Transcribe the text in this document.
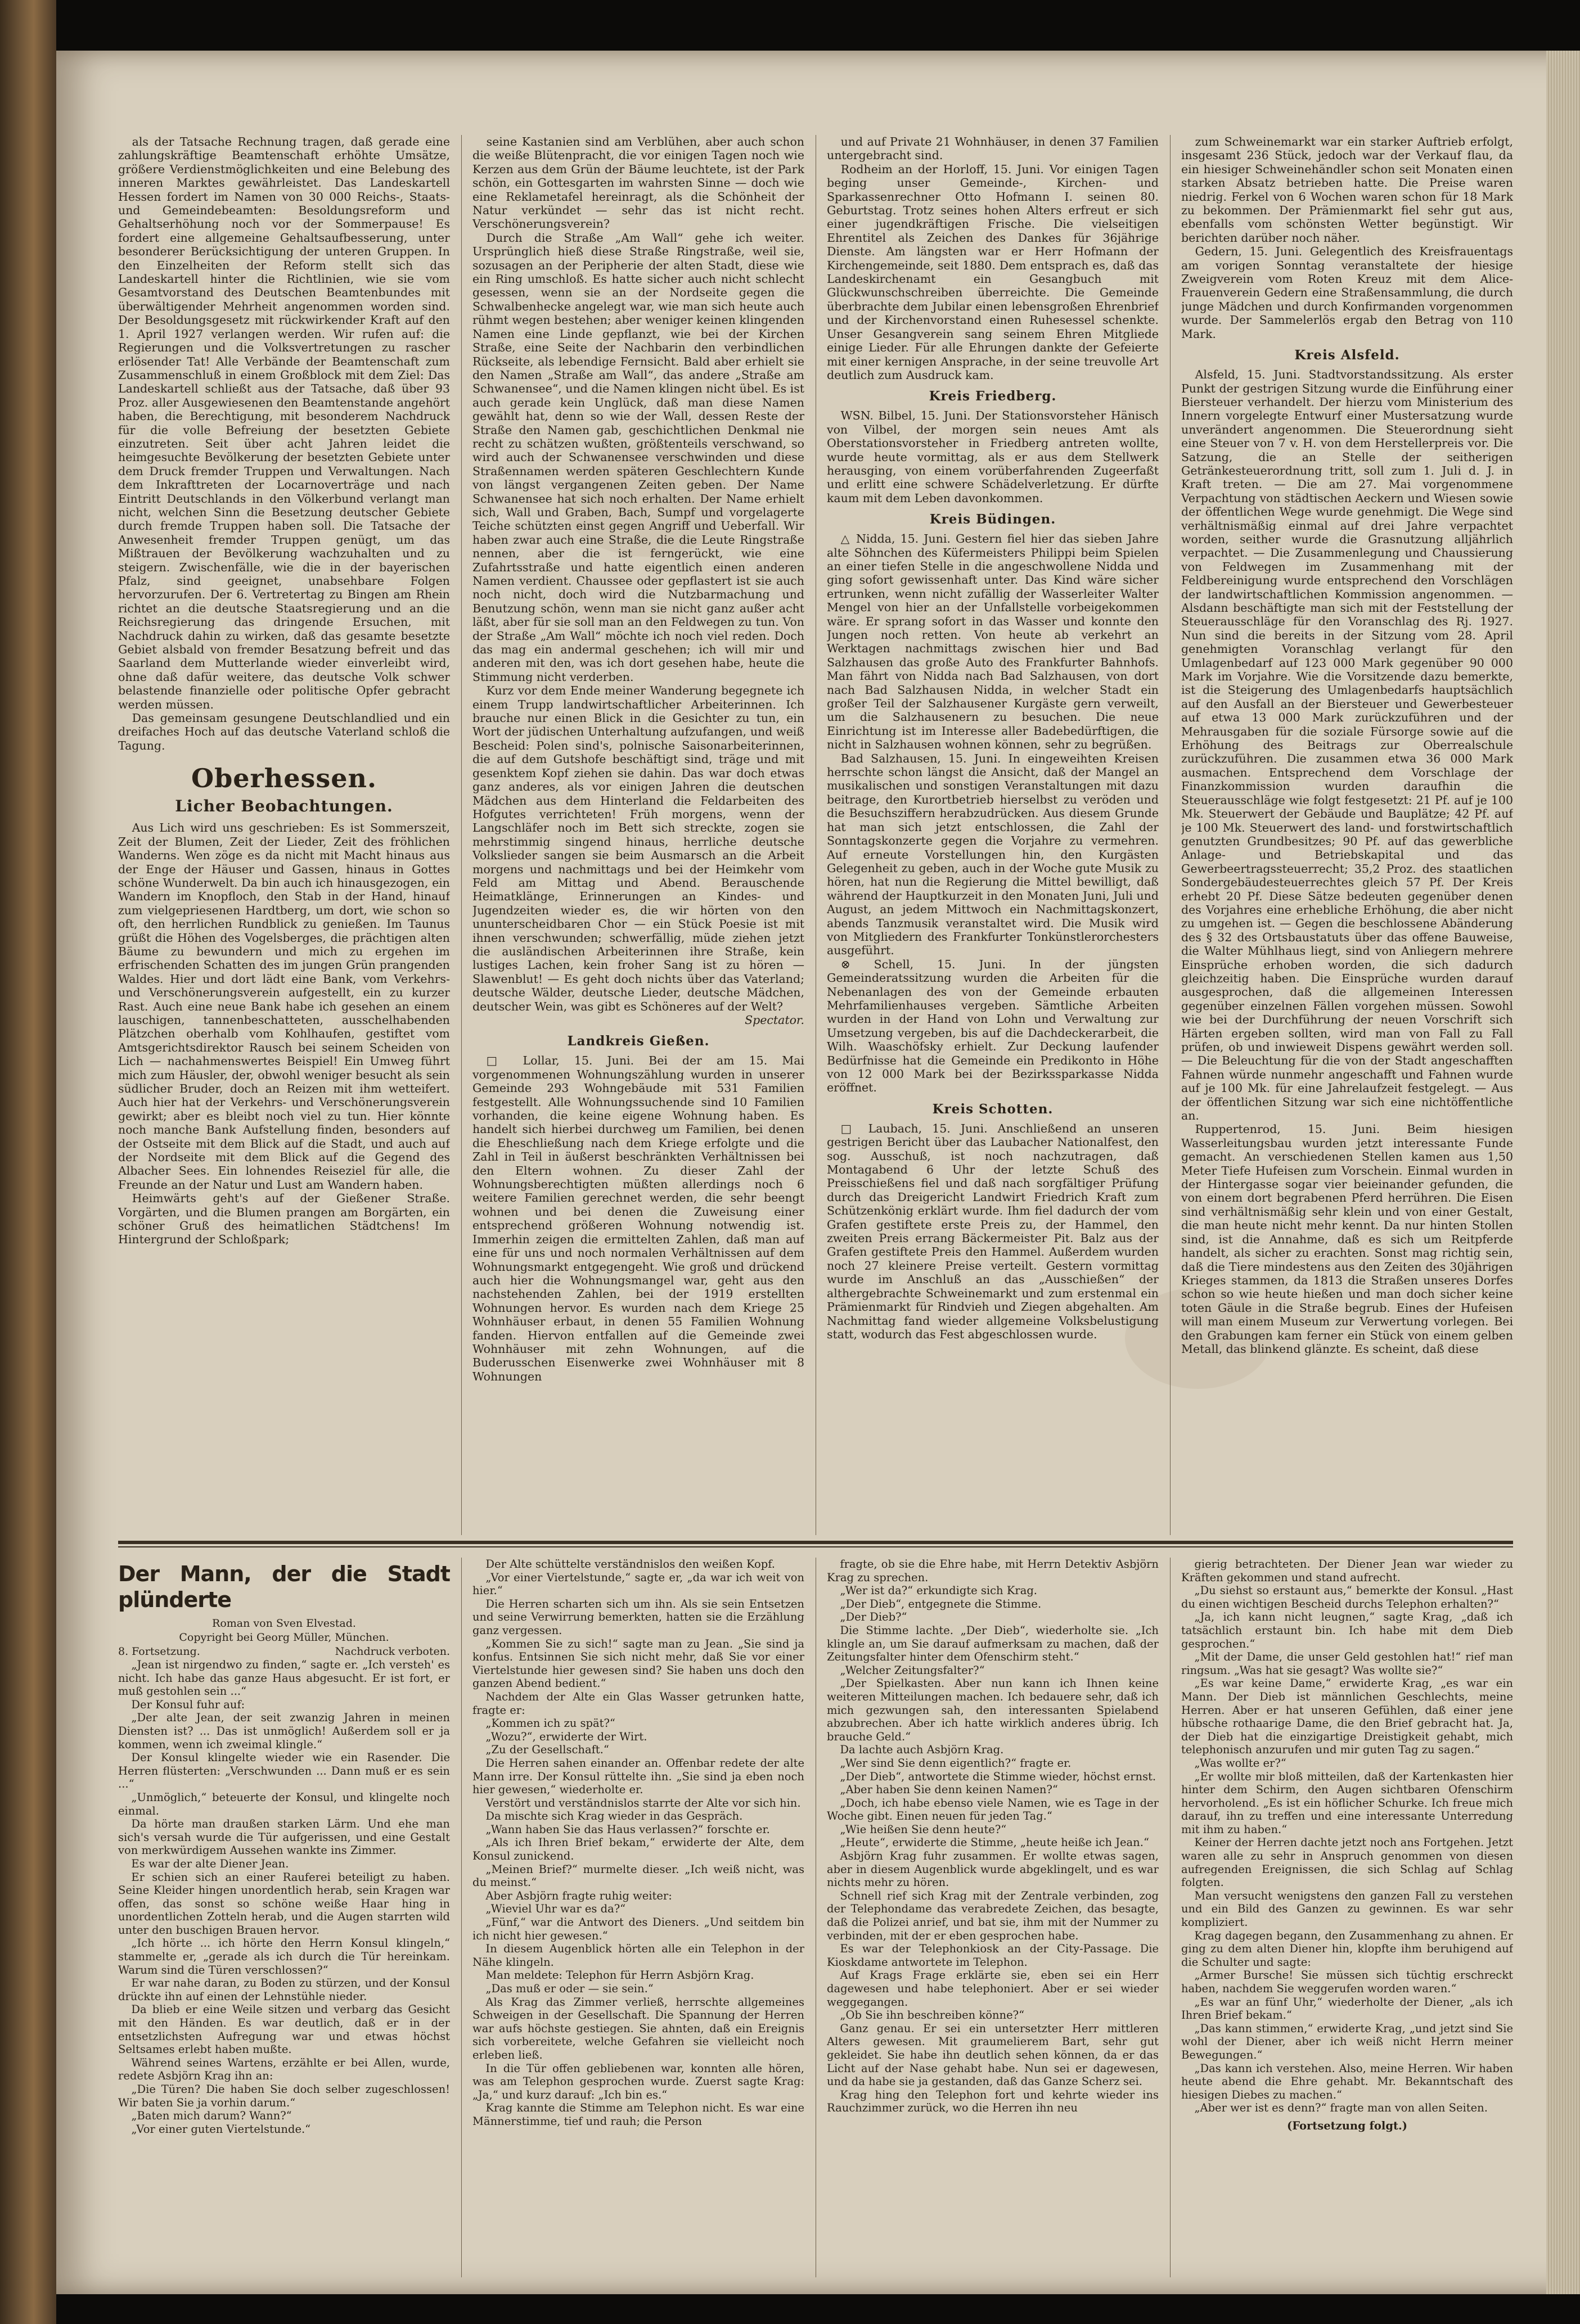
als der Tatsache Rechnung tragen, daß gerade eine zahlungskräftige Beamtenschaft erhöhte Umsätze, größere Verdienstmöglichkeiten und eine Belebung des inneren Marktes gewährleistet. Das Landeskartell Hessen fordert im Namen von 30 000 Reichs-, Staats- und Gemeindebeamten: Besoldungsreform und Gehaltserhöhung noch vor der Sommerpause! Es fordert eine allgemeine Gehaltsaufbesserung, unter besonderer Berücksichtigung der unteren Gruppen. In den Einzelheiten der Reform stellt sich das Landeskartell hinter die Richtlinien, wie sie vom Gesamtvorstand des Deutschen Beamtenbundes mit überwältigender Mehrheit angenommen worden sind. Der Besoldungsgesetz mit rückwirkender Kraft auf den 1. April 1927 verlangen werden. Wir rufen auf: die Regierungen und die Volksvertretungen zu rascher erlösender Tat! Alle Verbände der Beamtenschaft zum Zusammenschluß in einem Großblock mit dem Ziel: Das Landeskartell schließt aus der Tatsache, daß über 93 Proz. aller Ausgewiesenen den Beamtenstande angehört haben, die Berechtigung, mit besonderem Nachdruck für die volle Befreiung der besetzten Gebiete einzutreten. Seit über acht Jahren leidet die heimgesuchte Bevölkerung der besetzten Gebiete unter dem Druck fremder Truppen und Verwaltungen. Nach dem Inkrafttreten der Locarnoverträge und nach Eintritt Deutschlands in den Völkerbund verlangt man nicht, welchen Sinn die Besetzung deutscher Gebiete durch fremde Truppen haben soll. Die Tatsache der Anwesenheit fremder Truppen genügt, um das Mißtrauen der Bevölkerung wachzuhalten und zu steigern. Zwischenfälle, wie die in der bayerischen Pfalz, sind geeignet, unabsehbare Folgen hervorzurufen. Der 6. Vertretertag zu Bingen am Rhein richtet an die deutsche Staatsregierung und an die Reichsregierung das dringende Ersuchen, mit Nachdruck dahin zu wirken, daß das gesamte besetzte Gebiet alsbald von fremder Besatzung befreit und das Saarland dem Mutterlande wieder einverleibt wird, ohne daß dafür weitere, das deutsche Volk schwer belastende finanzielle oder politische Opfer gebracht werden müssen.

Das gemeinsam gesungene Deutschlandlied und ein dreifaches Hoch auf das deutsche Vaterland schloß die Tagung.

Oberhessen.
Licher Beobachtungen.

Aus Lich wird uns geschrieben: Es ist Sommerszeit, Zeit der Blumen, Zeit der Lieder, Zeit des fröhlichen Wanderns. Wen zöge es da nicht mit Macht hinaus aus der Enge der Häuser und Gassen, hinaus in Gottes schöne Wunderwelt. Da bin auch ich hinausgezogen, ein Wandern im Knopfloch, den Stab in der Hand, hinauf zum vielgepriesenen Hardtberg, um dort, wie schon so oft, den herrlichen Rundblick zu genießen. Im Taunus grüßt die Höhen des Vogelsberges, die prächtigen alten Bäume zu bewundern und mich zu ergehen im erfrischenden Schatten des im jungen Grün prangenden Waldes. Hier und dort lädt eine Bank, vom Verkehrs- und Verschönerungsverein aufgestellt, ein zu kurzer Rast. Auch eine neue Bank habe ich gesehen an einem lauschigen, tannenbeschatteten, ausschelhabenden Plätzchen oberhalb vom Kohlhaufen, gestiftet vom Amtsgerichtsdirektor Rausch bei seinem Scheiden von Lich — nachahmenswertes Beispiel! Ein Umweg führt mich zum Häusler, der, obwohl weniger besucht als sein südlicher Bruder, doch an Reizen mit ihm wetteifert. Auch hier hat der Verkehrs- und Verschönerungsverein gewirkt; aber es bleibt noch viel zu tun. Hier könnte noch manche Bank Aufstellung finden, besonders auf der Ostseite mit dem Blick auf die Stadt, und auch auf der Nordseite mit dem Blick auf die Gegend des Albacher Sees. Ein lohnendes Reiseziel für alle, die Freunde an der Natur und Lust am Wandern haben.

Heimwärts geht's auf der Gießener Straße. Vorgärten, und die Blumen prangen am Borgärten, ein schöner Gruß des heimatlichen Städtchens! Im Hintergrund der Schloßpark;

seine Kastanien sind am Verblühen, aber auch schon die weiße Blütenpracht, die vor einigen Tagen noch wie Kerzen aus dem Grün der Bäume leuchtete, ist der Park schön, ein Gottesgarten im wahrsten Sinne — doch wie eine Reklametafel hereinragt, als die Schönheit der Natur verkündet — sehr das ist nicht recht. Verschönerungsverein?

Durch die Straße „Am Wall“ gehe ich weiter. Ursprünglich hieß diese Straße Ringstraße, weil sie, sozusagen an der Peripherie der alten Stadt, diese wie ein Ring umschloß. Es hatte sicher auch nicht schlecht gesessen, wenn sie an der Nordseite gegen die Schwalbenhecke angelegt war, wie man sich heute auch rühmt wegen bestehen; aber weniger keinen klingenden Namen eine Linde gepflanzt, wie bei der Kirchen Straße, eine Seite der Nachbarin den verbindlichen Rückseite, als lebendige Fernsicht. Bald aber erhielt sie den Namen „Straße am Wall“, das andere „Straße am Schwanensee“, und die Namen klingen nicht übel. Es ist auch gerade kein Unglück, daß man diese Namen gewählt hat, denn so wie der Wall, dessen Reste der Straße den Namen gab, geschichtlichen Denkmal nie recht zu schätzen wußten, größtenteils verschwand, so wird auch der Schwanensee verschwinden und diese Straßennamen werden späteren Geschlechtern Kunde von längst vergangenen Zeiten geben. Der Name Schwanensee hat sich noch erhalten. Der Name erhielt sich, Wall und Graben, Bach, Sumpf und vorgelagerte Teiche schützten einst gegen Angriff und Ueberfall. Wir haben zwar auch eine Straße, die die Leute Ringstraße nennen, aber die ist ferngerückt, wie eine Zufahrtsstraße und hatte eigentlich einen anderen Namen verdient. Chaussee oder gepflastert ist sie auch noch nicht, doch wird die Nutzbarmachung und Benutzung schön, wenn man sie nicht ganz außer acht läßt, aber für sie soll man an den Feldwegen zu tun. Von der Straße „Am Wall“ möchte ich noch viel reden. Doch das mag ein andermal geschehen; ich will mir und anderen mit den, was ich dort gesehen habe, heute die Stimmung nicht verderben.

Kurz vor dem Ende meiner Wanderung begegnete ich einem Trupp landwirtschaftlicher Arbeiterinnen. Ich brauche nur einen Blick in die Gesichter zu tun, ein Wort der jüdischen Unterhaltung aufzufangen, und weiß Bescheid: Polen sind's, polnische Saisonarbeiterinnen, die auf dem Gutshofe beschäftigt sind, träge und mit gesenktem Kopf ziehen sie dahin. Das war doch etwas ganz anderes, als vor einigen Jahren die deutschen Mädchen aus dem Hinterland die Feldarbeiten des Hofgutes verrichteten! Früh morgens, wenn der Langschläfer noch im Bett sich streckte, zogen sie mehrstimmig singend hinaus, herrliche deutsche Volkslieder sangen sie beim Ausmarsch an die Arbeit morgens und nachmittags und bei der Heimkehr vom Feld am Mittag und Abend. Berauschende Heimatklänge, Erinnerungen an Kindes- und Jugendzeiten wieder es, die wir hörten von den ununterscheidbaren Chor — ein Stück Poesie ist mit ihnen verschwunden; schwerfällig, müde ziehen jetzt die ausländischen Arbeiterinnen ihre Straße, kein lustiges Lachen, kein froher Sang ist zu hören — Slawenblut! — Es geht doch nichts über das Vaterland; deutsche Wälder, deutsche Lieder, deutsche Mädchen, deutscher Wein, was gibt es Schöneres auf der Welt?

Spectator.
Landkreis Gießen.

□ Lollar, 15. Juni. Bei der am 15. Mai vorgenommenen Wohnungszählung wurden in unserer Gemeinde 293 Wohngebäude mit 531 Familien festgestellt. Alle Wohnungssuchende sind 10 Familien vorhanden, die keine eigene Wohnung haben. Es handelt sich hierbei durchweg um Familien, bei denen die Eheschließung nach dem Kriege erfolgte und die Zahl in Teil in äußerst beschränkten Verhältnissen bei den Eltern wohnen. Zu dieser Zahl der Wohnungsberechtigten müßten allerdings noch 6 weitere Familien gerechnet werden, die sehr beengt wohnen und bei denen die Zuweisung einer entsprechend größeren Wohnung notwendig ist. Immerhin zeigen die ermittelten Zahlen, daß man auf eine für uns und noch normalen Verhältnissen auf dem Wohnungsmarkt entgegengeht. Wie groß und drückend auch hier die Wohnungsmangel war, geht aus den nachstehenden Zahlen, bei der 1919 erstellten Wohnungen hervor. Es wurden nach dem Kriege 25 Wohnhäuser erbaut, in denen 55 Familien Wohnung fanden. Hiervon entfallen auf die Gemeinde zwei Wohnhäuser mit zehn Wohnungen, auf die Buderusschen Eisenwerke zwei Wohnhäuser mit 8 Wohnungen

und auf Private 21 Wohnhäuser, in denen 37 Familien untergebracht sind.

Rodheim an der Horloff, 15. Juni. Vor einigen Tagen beging unser Gemeinde-, Kirchen- und Sparkassenrechner Otto Hofmann I. seinen 80. Geburtstag. Trotz seines hohen Alters erfreut er sich einer jugendkräftigen Frische. Die vielseitigen Ehrentitel als Zeichen des Dankes für 36jährige Dienste. Am längsten war er Herr Hofmann der Kirchengemeinde, seit 1880. Dem entsprach es, daß das Landeskirchenamt ein Gesangbuch mit Glückwunschschreiben überreichte. Die Gemeinde überbrachte dem Jubilar einen lebensgroßen Ehrenbrief und der Kirchenvorstand einen Ruhesessel schenkte. Unser Gesangverein sang seinem Ehren Mitgliede einige Lieder. Für alle Ehrungen dankte der Gefeierte mit einer kernigen Ansprache, in der seine treuvolle Art deutlich zum Ausdruck kam.

Kreis Friedberg.

WSN. Bilbel, 15. Juni. Der Stationsvorsteher Hänisch von Vilbel, der morgen sein neues Amt als Oberstationsvorsteher in Friedberg antreten wollte, wurde heute vormittag, als er aus dem Stellwerk herausging, von einem vorüberfahrenden Zugeerfaßt und erlitt eine schwere Schädelverletzung. Er dürfte kaum mit dem Leben davonkommen.

Kreis Büdingen.

△ Nidda, 15. Juni. Gestern fiel hier das sieben Jahre alte Söhnchen des Küfermeisters Philippi beim Spielen an einer tiefen Stelle in die angeschwollene Nidda und ging sofort gewissenhaft unter. Das Kind wäre sicher ertrunken, wenn nicht zufällig der Wasserleiter Walter Mengel von hier an der Unfallstelle vorbeigekommen wäre. Er sprang sofort in das Wasser und konnte den Jungen noch retten. Von heute ab verkehrt an Werktagen nachmittags zwischen hier und Bad Salzhausen das große Auto des Frankfurter Bahnhofs. Man fährt von Nidda nach Bad Salzhausen, von dort nach Bad Salzhausen Nidda, in welcher Stadt ein großer Teil der Salzhausener Kurgäste gern verweilt, um die Salzhausenern zu besuchen. Die neue Einrichtung ist im Interesse aller Badebedürftigen, die nicht in Salzhausen wohnen können, sehr zu begrüßen.

Bad Salzhausen, 15. Juni. In eingeweihten Kreisen herrschte schon längst die Ansicht, daß der Mangel an musikalischen und sonstigen Veranstaltungen mit dazu beitrage, den Kurortbetrieb hierselbst zu veröden und die Besuchsziffern herabzudrücken. Aus diesem Grunde hat man sich jetzt entschlossen, die Zahl der Sonntagskonzerte gegen die Vorjahre zu vermehren. Auf erneute Vorstellungen hin, den Kurgästen Gelegenheit zu geben, auch in der Woche gute Musik zu hören, hat nun die Regierung die Mittel bewilligt, daß während der Hauptkurzeit in den Monaten Juni, Juli und August, an jedem Mittwoch ein Nachmittagskonzert, abends Tanzmusik veranstaltet wird. Die Musik wird von Mitgliedern des Frankfurter Tonkünstlerorchesters ausgeführt.

⊗ Schell, 15. Juni. In der jüngsten Gemeinderatssitzung wurden die Arbeiten für die Nebenanlagen des von der Gemeinde erbauten Mehrfamilienhauses vergeben. Sämtliche Arbeiten wurden in der Hand von Lohn und Verwaltung zur Umsetzung vergeben, bis auf die Dachdeckerarbeit, die Wilh. Waaschöfsky erhielt. Zur Deckung laufender Bedürfnisse hat die Gemeinde ein Predikonto in Höhe von 12 000 Mark bei der Bezirkssparkasse Nidda eröffnet.

Kreis Schotten.

□ Laubach, 15. Juni. Anschließend an unseren gestrigen Bericht über das Laubacher Nationalfest, den sog. Ausschuß, ist noch nachzutragen, daß Montagabend 6 Uhr der letzte Schuß des Preisschießens fiel und daß nach sorgfältiger Prüfung durch das Dreigericht Landwirt Friedrich Kraft zum Schützenkönig erklärt wurde. Ihm fiel dadurch der vom Grafen gestiftete erste Preis zu, der Hammel, den zweiten Preis errang Bäckermeister Pit. Balz aus der Grafen gestiftete Preis den Hammel. Außerdem wurden noch 27 kleinere Preise verteilt. Gestern vormittag wurde im Anschluß an das „Ausschießen“ der althergebrachte Schweinemarkt und zum erstenmal ein Prämienmarkt für Rindvieh und Ziegen abgehalten. Am Nachmittag fand wieder allgemeine Volksbelustigung statt, wodurch das Fest abgeschlossen wurde.

zum Schweinemarkt war ein starker Auftrieb erfolgt, insgesamt 236 Stück, jedoch war der Verkauf flau, da ein hiesiger Schweinehändler schon seit Monaten einen starken Absatz betrieben hatte. Die Preise waren niedrig. Ferkel von 6 Wochen waren schon für 18 Mark zu bekommen. Der Prämienmarkt fiel sehr gut aus, ebenfalls vom schönsten Wetter begünstigt. Wir berichten darüber noch näher.

Gedern, 15. Juni. Gelegentlich des Kreisfrauentags am vorigen Sonntag veranstaltete der hiesige Zweigverein vom Roten Kreuz mit dem Alice-Frauenverein Gedern eine Straßensammlung, die durch junge Mädchen und durch Konfirmanden vorgenommen wurde. Der Sammelerlös ergab den Betrag von 110 Mark.

Kreis Alsfeld.

Alsfeld, 15. Juni. Stadtvorstandssitzung. Als erster Punkt der gestrigen Sitzung wurde die Einführung einer Biersteuer verhandelt. Der hierzu vom Ministerium des Innern vorgelegte Entwurf einer Mustersatzung wurde unverändert angenommen. Die Steuerordnung sieht eine Steuer von 7 v. H. von dem Herstellerpreis vor. Die Satzung, die an Stelle der seitherigen Getränkesteuerordnung tritt, soll zum 1. Juli d. J. in Kraft treten. — Die am 27. Mai vorgenommene Verpachtung von städtischen Aeckern und Wiesen sowie der öffentlichen Wege wurde genehmigt. Die Wege sind verhältnismäßig einmal auf drei Jahre verpachtet worden, seither wurde die Grasnutzung alljährlich verpachtet. — Die Zusammenlegung und Chaussierung von Feldwegen im Zusammenhang mit der Feldbereinigung wurde entsprechend den Vorschlägen der landwirtschaftlichen Kommission angenommen. — Alsdann beschäftigte man sich mit der Feststellung der Steuerausschläge für den Voranschlag des Rj. 1927. Nun sind die bereits in der Sitzung vom 28. April genehmigten Voranschlag verlangt für den Umlagenbedarf auf 123 000 Mark gegenüber 90 000 Mark im Vorjahre. Wie die Vorsitzende dazu bemerkte, ist die Steigerung des Umlagenbedarfs hauptsächlich auf den Ausfall an der Biersteuer und Gewerbesteuer auf etwa 13 000 Mark zurückzuführen und der Mehrausgaben für die soziale Fürsorge sowie auf die Erhöhung des Beitrags zur Oberrealschule zurückzuführen. Die zusammen etwa 36 000 Mark ausmachen. Entsprechend dem Vorschlage der Finanzkommission wurden daraufhin die Steuerausschläge wie folgt festgesetzt: 21 Pf. auf je 100 Mk. Steuerwert der Gebäude und Bauplätze; 42 Pf. auf je 100 Mk. Steuerwert des land- und forstwirtschaftlich genutzten Grundbesitzes; 90 Pf. auf das gewerbliche Anlage- und Betriebskapital und das Gewerbeertragssteuerrecht; 35,2 Proz. des staatlichen Sondergebäudesteuerrechtes gleich 57 Pf. Der Kreis erhebt 20 Pf. Diese Sätze bedeuten gegenüber denen des Vorjahres eine erhebliche Erhöhung, die aber nicht zu umgehen ist. — Gegen die beschlossene Abänderung des § 32 des Ortsbaustatuts über das offene Bauweise, die Walter Mühlhaus liegt, sind von Anliegern mehrere Einsprüche erhoben worden, die sich dadurch gleichzeitig haben. Die Einsprüche wurden darauf ausgesprochen, daß die allgemeinen Interessen gegenüber einzelnen Fällen vorgehen müssen. Sowohl wie bei der Durchführung der neuen Vorschrift sich Härten ergeben sollten, wird man von Fall zu Fall prüfen, ob und inwieweit Dispens gewährt werden soll. — Die Beleuchtung für die von der Stadt angeschafften Fahnen würde nunmehr angeschafft und Fahnen wurde auf je 100 Mk. für eine Jahrelaufzeit festgelegt. — Aus der öffentlichen Sitzung war sich eine nichtöffentliche an.

Ruppertenrod, 15. Juni. Beim hiesigen Wasserleitungsbau wurden jetzt interessante Funde gemacht. An verschiedenen Stellen kamen aus 1,50 Meter Tiefe Hufeisen zum Vorschein. Einmal wurden in der Hintergasse sogar vier beieinander gefunden, die von einem dort begrabenen Pferd herrühren. Die Eisen sind verhältnismäßig sehr klein und von einer Gestalt, die man heute nicht mehr kennt. Da nur hinten Stollen sind, ist die Annahme, daß es sich um Reitpferde handelt, als sicher zu erachten. Sonst mag richtig sein, daß die Tiere mindestens aus den Zeiten des 30jährigen Krieges stammen, da 1813 die Straßen unseres Dorfes schon so wie heute hießen und man doch sicher keine toten Gäule in die Straße begrub. Eines der Hufeisen will man einem Museum zur Verwertung vorlegen. Bei den Grabungen kam ferner ein Stück von einem gelben Metall, das blinkend glänzte. Es scheint, daß diese

Der Mann, der die Stadt plünderte
Roman von Sven Elvestad.
Copyright bei Georg Müller, München.
8. Fortsetzung.	Nachdruck verboten.

„Jean ist nirgendwo zu finden,“ sagte er. „Ich versteh' es nicht. Ich habe das ganze Haus abgesucht. Er ist fort, er muß gestohlen sein ...“

Der Konsul fuhr auf:

„Der alte Jean, der seit zwanzig Jahren in meinen Diensten ist? ... Das ist unmöglich! Außerdem soll er ja kommen, wenn ich zweimal klingle.“

Der Konsul klingelte wieder wie ein Rasender. Die Herren flüsterten: „Verschwunden ... Dann muß er es sein ...“

„Unmöglich,“ beteuerte der Konsul, und klingelte noch einmal.

Da hörte man draußen starken Lärm. Und ehe man sich's versah wurde die Tür aufgerissen, und eine Gestalt von merkwürdigem Aussehen wankte ins Zimmer.

Es war der alte Diener Jean.

Er schien sich an einer Rauferei beteiligt zu haben. Seine Kleider hingen unordentlich herab, sein Kragen war offen, das sonst so schöne weiße Haar hing in unordentlichen Zotteln herab, und die Augen starrten wild unter den buschigen Brauen hervor.

„Ich hörte ... ich hörte den Herrn Konsul klingeln,“ stammelte er, „gerade als ich durch die Tür hereinkam. Warum sind die Türen verschlossen?“

Er war nahe daran, zu Boden zu stürzen, und der Konsul drückte ihn auf einen der Lehnstühle nieder.

Da blieb er eine Weile sitzen und verbarg das Gesicht mit den Händen. Es war deutlich, daß er in der entsetzlichsten Aufregung war und etwas höchst Seltsames erlebt haben mußte.

Während seines Wartens, erzählte er bei Allen, wurde, redete Asbjörn Krag ihn an:

„Die Türen? Die haben Sie doch selber zugeschlossen! Wir baten Sie ja vorhin darum.“

„Baten mich darum? Wann?“

„Vor einer guten Viertelstunde.“

Der Alte schüttelte verständnislos den weißen Kopf.

„Vor einer Viertelstunde,“ sagte er, „da war ich weit von hier.“

Die Herren scharten sich um ihn. Als sie sein Entsetzen und seine Verwirrung bemerkten, hatten sie die Erzählung ganz vergessen.

„Kommen Sie zu sich!“ sagte man zu Jean. „Sie sind ja konfus. Entsinnen Sie sich nicht mehr, daß Sie vor einer Viertelstunde hier gewesen sind? Sie haben uns doch den ganzen Abend bedient.“

Nachdem der Alte ein Glas Wasser getrunken hatte, fragte er:

„Kommen ich zu spät?“

„Wozu?“, erwiderte der Wirt.

„Zu der Gesellschaft.“

Die Herren sahen einander an. Offenbar redete der alte Mann irre. Der Konsul rüttelte ihn. „Sie sind ja eben noch hier gewesen,“ wiederholte er.

Verstört und verständnislos starrte der Alte vor sich hin.

Da mischte sich Krag wieder in das Gespräch.

„Wann haben Sie das Haus verlassen?“ forschte er.

„Als ich Ihren Brief bekam,“ erwiderte der Alte, dem Konsul zunickend.

„Meinen Brief?“ murmelte dieser. „Ich weiß nicht, was du meinst.“

Aber Asbjörn fragte ruhig weiter:

„Wieviel Uhr war es da?“

„Fünf,“ war die Antwort des Dieners. „Und seitdem bin ich nicht hier gewesen.“

In diesem Augenblick hörten alle ein Telephon in der Nähe klingeln.

Man meldete: Telephon für Herrn Asbjörn Krag.

„Das muß er oder — sie sein.“

Als Krag das Zimmer verließ, herrschte allgemeines Schweigen in der Gesellschaft. Die Spannung der Herren war aufs höchste gestiegen. Sie ahnten, daß ein Ereignis sich vorbereitete, welche Gefahren sie vielleicht noch erleben ließ.

In die Tür offen gebliebenen war, konnten alle hören, was am Telephon gesprochen wurde. Zuerst sagte Krag: „Ja,“ und kurz darauf: „Ich bin es.“

Krag kannte die Stimme am Telephon nicht. Es war eine Männerstimme, tief und rauh; die Person

fragte, ob sie die Ehre habe, mit Herrn Detektiv Asbjörn Krag zu sprechen.

„Wer ist da?“ erkundigte sich Krag.

„Der Dieb“, entgegnete die Stimme.

„Der Dieb?“

Die Stimme lachte. „Der Dieb“, wiederholte sie. „Ich klingle an, um Sie darauf aufmerksam zu machen, daß der Zeitungsfalter hinter dem Ofenschirm steht.“

„Welcher Zeitungsfalter?“

„Der Spielkasten. Aber nun kann ich Ihnen keine weiteren Mitteilungen machen. Ich bedauere sehr, daß ich mich gezwungen sah, den interessanten Spielabend abzubrechen. Aber ich hatte wirklich anderes übrig. Ich brauche Geld.“

Da lachte auch Asbjörn Krag.

„Wer sind Sie denn eigentlich?“ fragte er.

„Der Dieb“, antwortete die Stimme wieder, höchst ernst.

„Aber haben Sie denn keinen Namen?“

„Doch, ich habe ebenso viele Namen, wie es Tage in der Woche gibt. Einen neuen für jeden Tag.“

„Wie heißen Sie denn heute?“

„Heute“, erwiderte die Stimme, „heute heiße ich Jean.“

Asbjörn Krag fuhr zusammen. Er wollte etwas sagen, aber in diesem Augenblick wurde abgeklingelt, und es war nichts mehr zu hören.

Schnell rief sich Krag mit der Zentrale verbinden, zog der Telephondame das verabredete Zeichen, das besagte, daß die Polizei anrief, und bat sie, ihm mit der Nummer zu verbinden, mit der er eben gesprochen habe.

Es war der Telephonkiosk an der City-Passage. Die Kioskdame antwortete im Telephon.

Auf Krags Frage erklärte sie, eben sei ein Herr dagewesen und habe telephoniert. Aber er sei wieder weggegangen.

„Ob Sie ihn beschreiben könne?“

Ganz genau. Er sei ein untersetzter Herr mittleren Alters gewesen. Mit graumelierem Bart, sehr gut gekleidet. Sie habe ihn deutlich sehen können, da er das Licht auf der Nase gehabt habe. Nun sei er dagewesen, und da habe sie ja gestanden, daß das Ganze Scherz sei.

Krag hing den Telephon fort und kehrte wieder ins Rauchzimmer zurück, wo die Herren ihn neu

gierig betrachteten. Der Diener Jean war wieder zu Kräften gekommen und stand aufrecht.

„Du siehst so erstaunt aus,“ bemerkte der Konsul. „Hast du einen wichtigen Bescheid durchs Telephon erhalten?“

„Ja, ich kann nicht leugnen,“ sagte Krag, „daß ich tatsächlich erstaunt bin. Ich habe mit dem Dieb gesprochen.“

„Mit der Dame, die unser Geld gestohlen hat!“ rief man ringsum. „Was hat sie gesagt? Was wollte sie?“

„Es war keine Dame,“ erwiderte Krag, „es war ein Mann. Der Dieb ist männlichen Geschlechts, meine Herren. Aber er hat unseren Gefühlen, daß einer jene hübsche rothaarige Dame, die den Brief gebracht hat. Ja, der Dieb hat die einzigartige Dreistigkeit gehabt, mich telephonisch anzurufen und mir guten Tag zu sagen.“

„Was wollte er?“

„Er wollte mir bloß mitteilen, daß der Kartenkasten hier hinter dem Schirm, den Augen sichtbaren Ofenschirm hervorholend. „Es ist ein höflicher Schurke. Ich freue mich darauf, ihn zu treffen und eine interessante Unterredung mit ihm zu haben.“

Keiner der Herren dachte jetzt noch ans Fortgehen. Jetzt waren alle zu sehr in Anspruch genommen von diesen aufregenden Ereignissen, die sich Schlag auf Schlag folgten.

Man versucht wenigstens den ganzen Fall zu verstehen und ein Bild des Ganzen zu gewinnen. Es war sehr kompliziert.

Krag dagegen begann, den Zusammenhang zu ahnen. Er ging zu dem alten Diener hin, klopfte ihm beruhigend auf die Schulter und sagte:

„Armer Bursche! Sie müssen sich tüchtig erschreckt haben, nachdem Sie weggerufen worden waren.“

„Es war an fünf Uhr,“ wiederholte der Diener, „als ich Ihren Brief bekam.“

„Das kann stimmen,“ erwiderte Krag, „und jetzt sind Sie wohl der Diener, aber ich weiß nicht Herrn meiner Bewegungen.“

„Das kann ich verstehen. Also, meine Herren. Wir haben heute abend die Ehre gehabt. Mr. Bekanntschaft des hiesigen Diebes zu machen.“

„Aber wer ist es denn?“ fragte man von allen Seiten.

(Fortsetzung folgt.)
